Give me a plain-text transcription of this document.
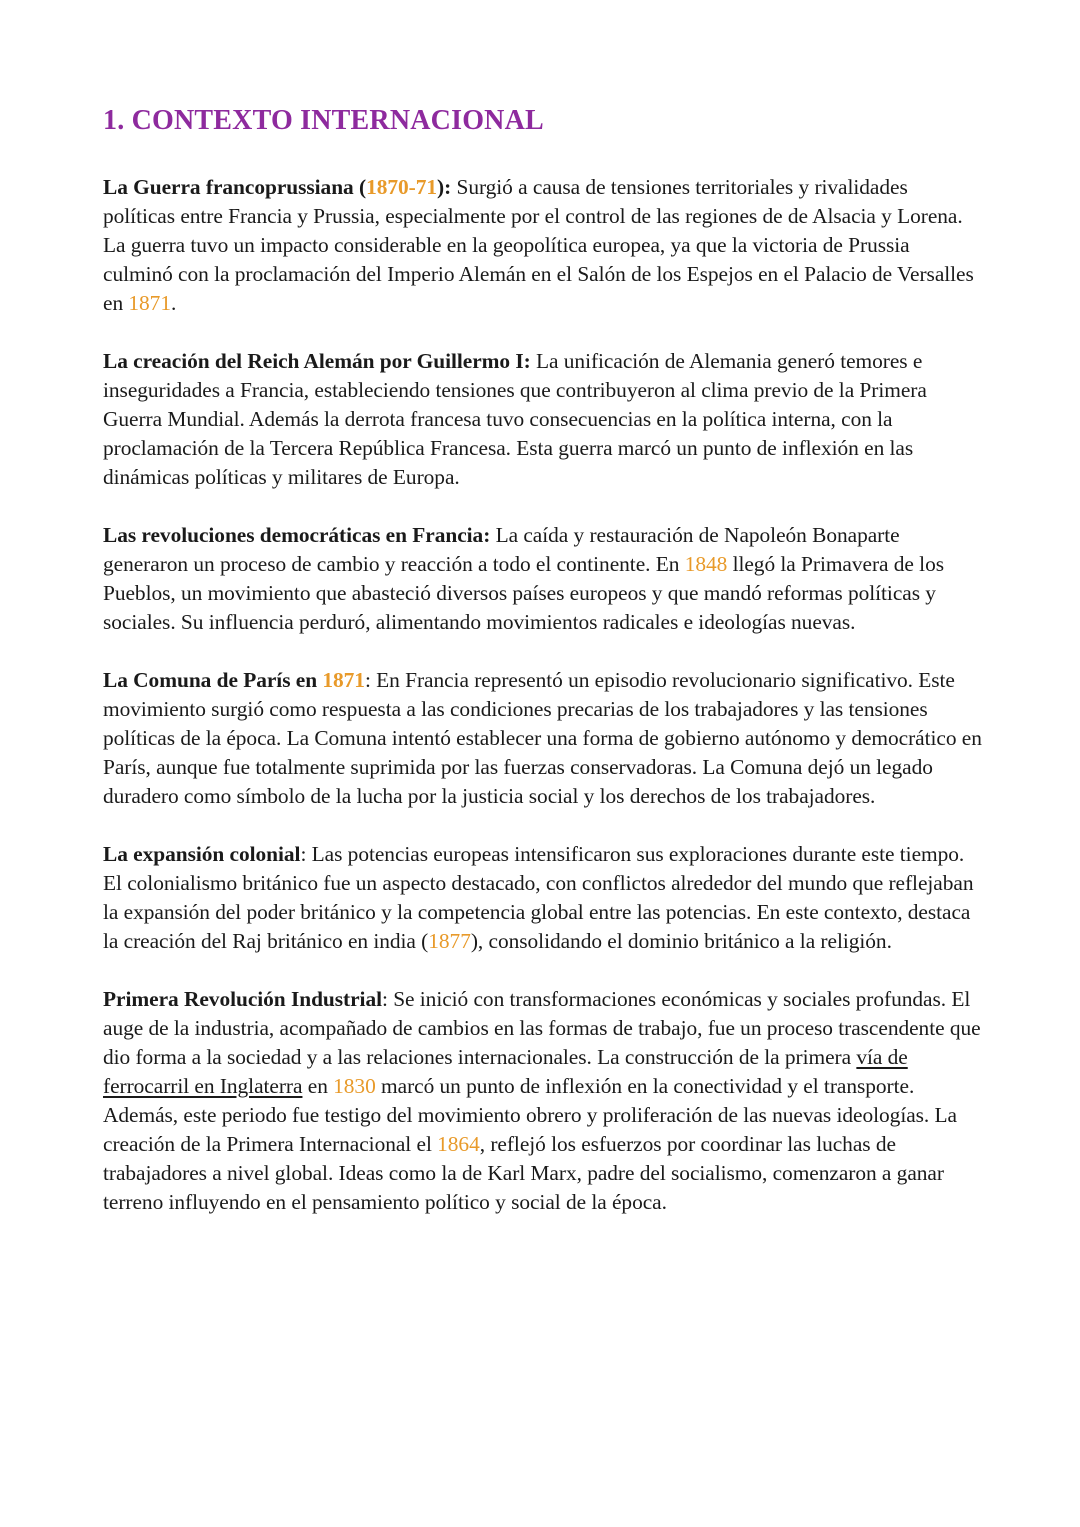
1. CONTEXTO INTERNACIONAL

La Guerra francoprussiana (1870-71): Surgió a causa de tensiones territoriales y rivalidades políticas entre Francia y Prussia, especialmente por el control de las regiones de de Alsacia y Lorena. La guerra tuvo un impacto considerable en la geopolítica europea, ya que la victoria de Prussia culminó con la proclamación del Imperio Alemán en el Salón de los Espejos en el Palacio de Versalles en 1871.

La creación del Reich Alemán por Guillermo I: La unificación de Alemania generó temores e inseguridades a Francia, estableciendo tensiones que contribuyeron al clima previo de la Primera Guerra Mundial. Además la derrota francesa tuvo consecuencias en la política interna, con la proclamación de la Tercera República Francesa. Esta guerra marcó un punto de inflexión en las dinámicas políticas y militares de Europa.

Las revoluciones democráticas en Francia: La caída y restauración de Napoleón Bonaparte generaron un proceso de cambio y reacción a todo el continente. En 1848 llegó la Primavera de los Pueblos, un movimiento que abasteció diversos países europeos y que mandó reformas políticas y sociales. Su influencia perduró, alimentando movimientos radicales e ideologías nuevas.

La Comuna de París en 1871: En Francia representó un episodio revolucionario significativo. Este movimiento surgió como respuesta a las condiciones precarias de los trabajadores y las tensiones políticas de la época. La Comuna intentó establecer una forma de gobierno autónomo y democrático en París, aunque fue totalmente suprimida por las fuerzas conservadoras. La Comuna dejó un legado duradero como símbolo de la lucha por la justicia social y los derechos de los trabajadores.

La expansión colonial: Las potencias europeas intensificaron sus exploraciones durante este tiempo. El colonialismo británico fue un aspecto destacado, con conflictos alrededor del mundo que reflejaban la expansión del poder británico y la competencia global entre las potencias. En este contexto, destaca la creación del Raj británico en india (1877), consolidando el dominio británico a la religión.

Primera Revolución Industrial: Se inició con transformaciones económicas y sociales profundas. El auge de la industria, acompañado de cambios en las formas de trabajo, fue un proceso trascendente que dio forma a la sociedad y a las relaciones internacionales. La construcción de la primera vía de ferrocarril en Inglaterra en 1830 marcó un punto de inflexión en la conectividad y el transporte. Además, este periodo fue testigo del movimiento obrero y proliferación de las nuevas ideologías. La creación de la Primera Internacional el 1864, reflejó los esfuerzos por coordinar las luchas de trabajadores a nivel global. Ideas como la de Karl Marx, padre del socialismo, comenzaron a ganar terreno influyendo en el pensamiento político y social de la época.
